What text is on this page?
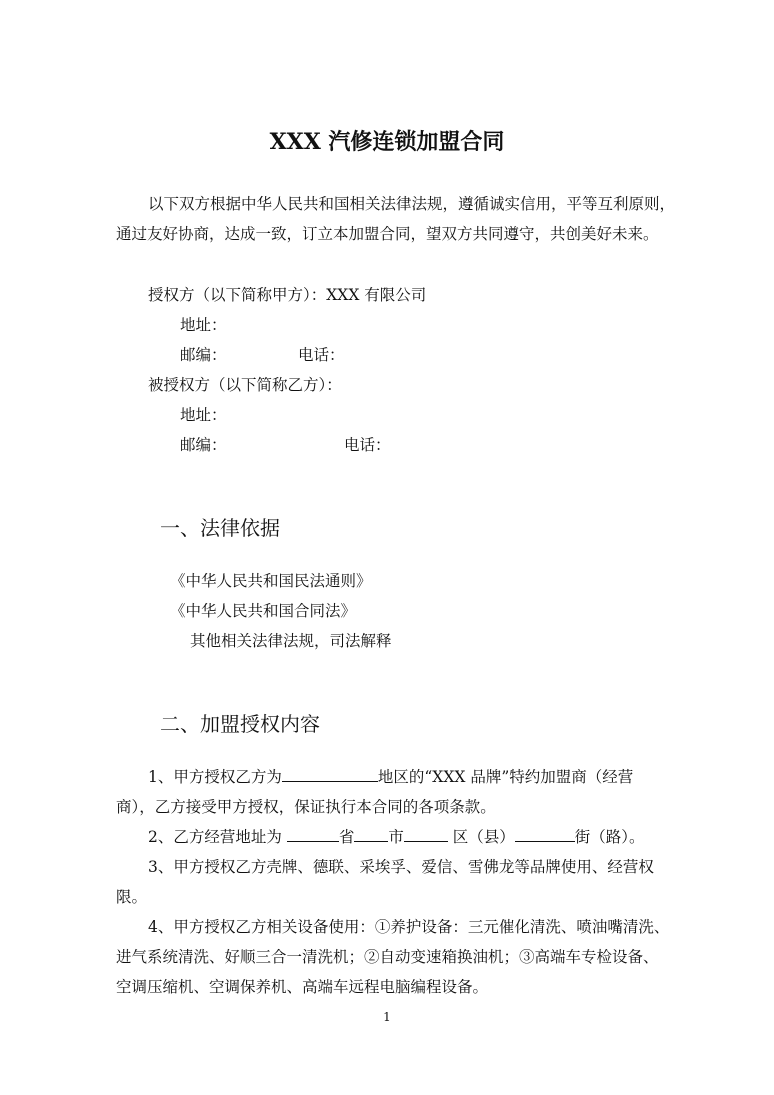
XXX 汽修连锁加盟合同
以下双方根据中华人民共和国相关法律法规，遵循诚实信用，平等互利原则，
通过友好协商，达成一致，订立本加盟合同，望双方共同遵守，共创美好未来。
授权方（以下简称甲方）：XXX 有限公司
地址：
邮编：	电话：
被授权方（以下简称乙方）：
地址：
邮编：	电话：
一、法律依据
《中华人民共和国民法通则》
《中华人民共和国合同法》
其他相关法律法规，司法解释
二、加盟授权内容
1、甲方授权乙方为	地区的“XXX 品牌”特约加盟商（经营
商），乙方接受甲方授权，保证执行本合同的各项条款。
2、乙方经营地址为	省 市	区（县）	街（路）。
3、甲方授权乙方壳牌、德联、采埃孚、爱信、雪佛龙等品牌使用、经营权
限。
4、甲方授权乙方相关设备使用：①养护设备：三元催化清洗、喷油嘴清洗、
进气系统清洗、好顺三合一清洗机；②自动变速箱换油机；③高端车专检设备、
空调压缩机、空调保养机、高端车远程电脑编程设备。
1
